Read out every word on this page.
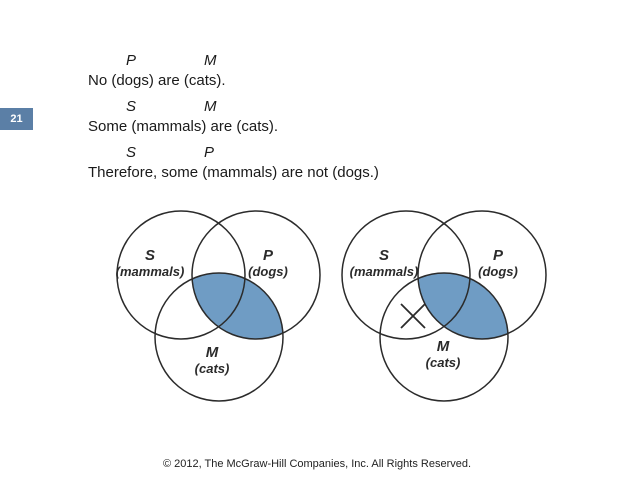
21
P	M
No (dogs) are (cats).
S	M
Some (mammals) are (cats).
S	P
Therefore, some (mammals) are not (dogs.)
S
(mammals)
P
(dogs)
M
(cats)
S
(mammals)
P
(dogs)
M
(cats)
© 2012, The McGraw-Hill Companies, Inc. All Rights Reserved.
